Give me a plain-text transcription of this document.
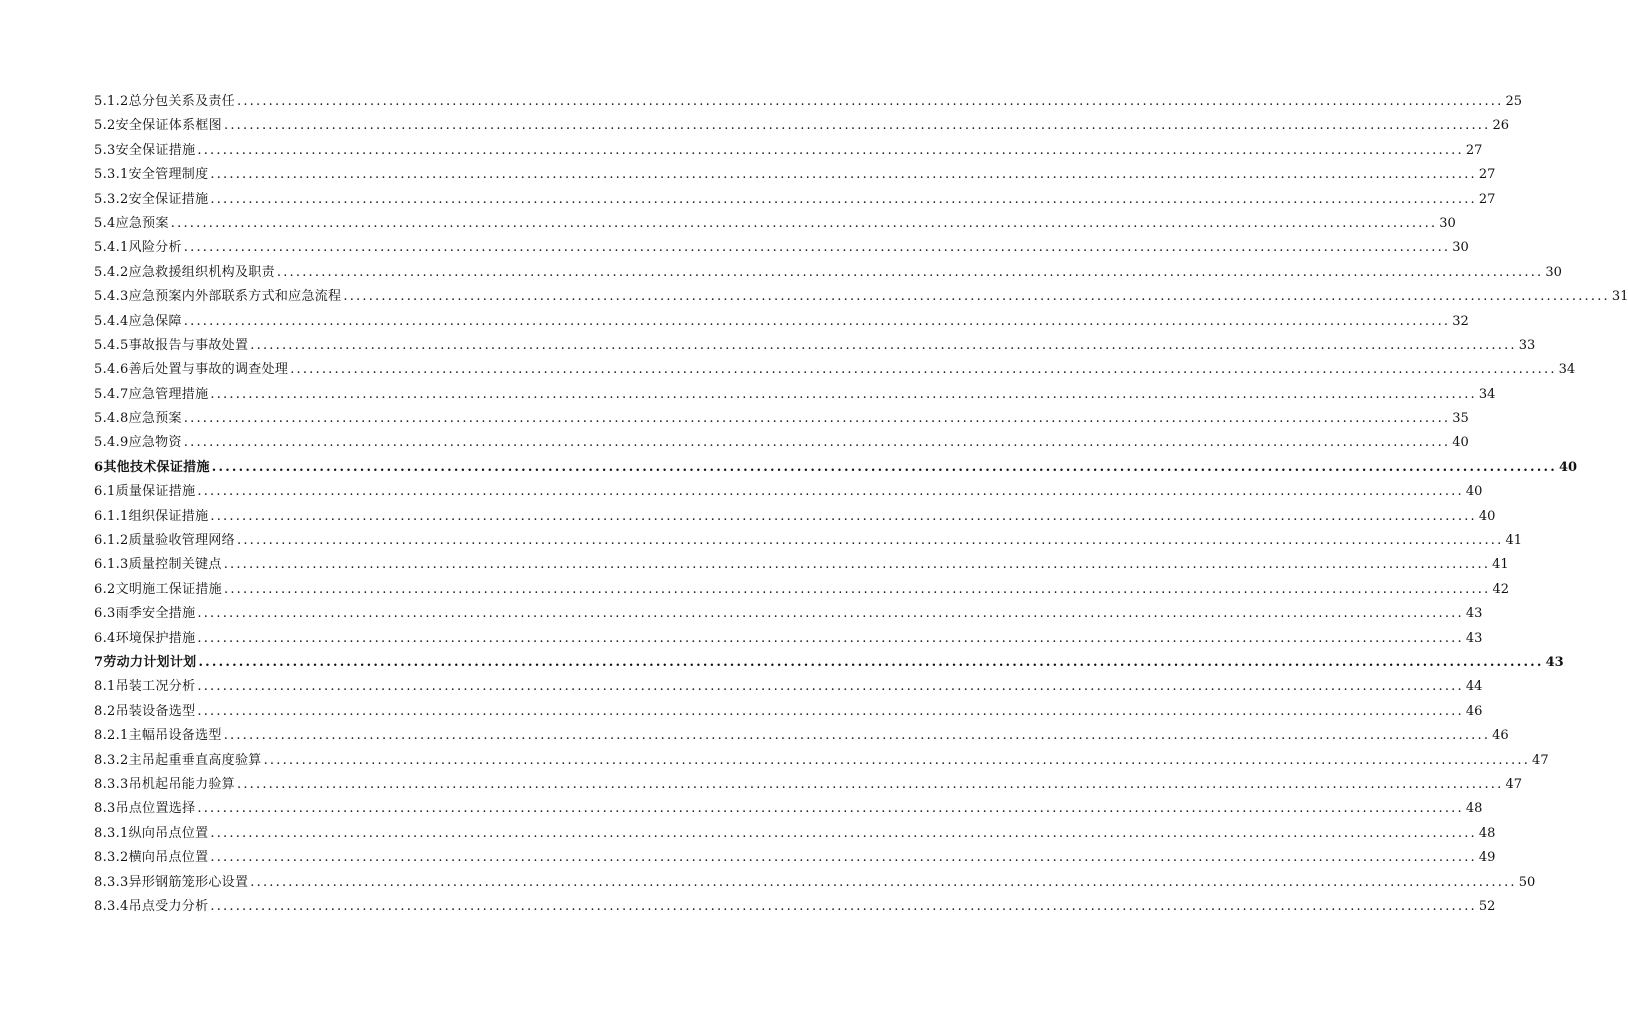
5.1.2总分包关系及责任 ........................................................................................................................................................................................................ 25
5.2安全保证体系框图 ........................................................................................................................................................................................................ 26
5.3安全保证措施 ........................................................................................................................................................................................................ 27
5.3.1安全管理制度 ........................................................................................................................................................................................................ 27
5.3.2安全保证措施 ........................................................................................................................................................................................................ 27
5.4应急预案 ........................................................................................................................................................................................................ 30
5.4.1风险分析 ........................................................................................................................................................................................................ 30
5.4.2应急救援组织机构及职责 ........................................................................................................................................................................................................ 30
5.4.3应急预案内外部联系方式和应急流程 ........................................................................................................................................................................................................ 31
5.4.4应急保障 ........................................................................................................................................................................................................ 32
5.4.5事故报告与事故处置 ........................................................................................................................................................................................................ 33
5.4.6善后处置与事故的调查处理 ........................................................................................................................................................................................................ 34
5.4.7应急管理措施 ........................................................................................................................................................................................................ 34
5.4.8应急预案 ........................................................................................................................................................................................................ 35
5.4.9应急物资 ........................................................................................................................................................................................................ 40
6其他技术保证措施 ........................................................................................................................................................................................................ 40
6.1质量保证措施 ........................................................................................................................................................................................................ 40
6.1.1组织保证措施 ........................................................................................................................................................................................................ 40
6.1.2质量验收管理网络 ........................................................................................................................................................................................................ 41
6.1.3质量控制关键点 ........................................................................................................................................................................................................ 41
6.2文明施工保证措施 ........................................................................................................................................................................................................ 42
6.3雨季安全措施 ........................................................................................................................................................................................................ 43
6.4环境保护措施 ........................................................................................................................................................................................................ 43
7劳动力计划计划 ........................................................................................................................................................................................................ 43
8.1吊装工况分析 ........................................................................................................................................................................................................ 44
8.2吊装设备选型 ........................................................................................................................................................................................................ 46
8.2.1主幅吊设备选型 ........................................................................................................................................................................................................ 46
8.3.2主吊起重垂直高度验算 ........................................................................................................................................................................................................ 47
8.3.3吊机起吊能力验算 ........................................................................................................................................................................................................ 47
8.3吊点位置选择 ........................................................................................................................................................................................................ 48
8.3.1纵向吊点位置 ........................................................................................................................................................................................................ 48
8.3.2横向吊点位置 ........................................................................................................................................................................................................ 49
8.3.3异形钢筋笼形心设置 ........................................................................................................................................................................................................ 50
8.3.4吊点受力分析 ........................................................................................................................................................................................................ 52
